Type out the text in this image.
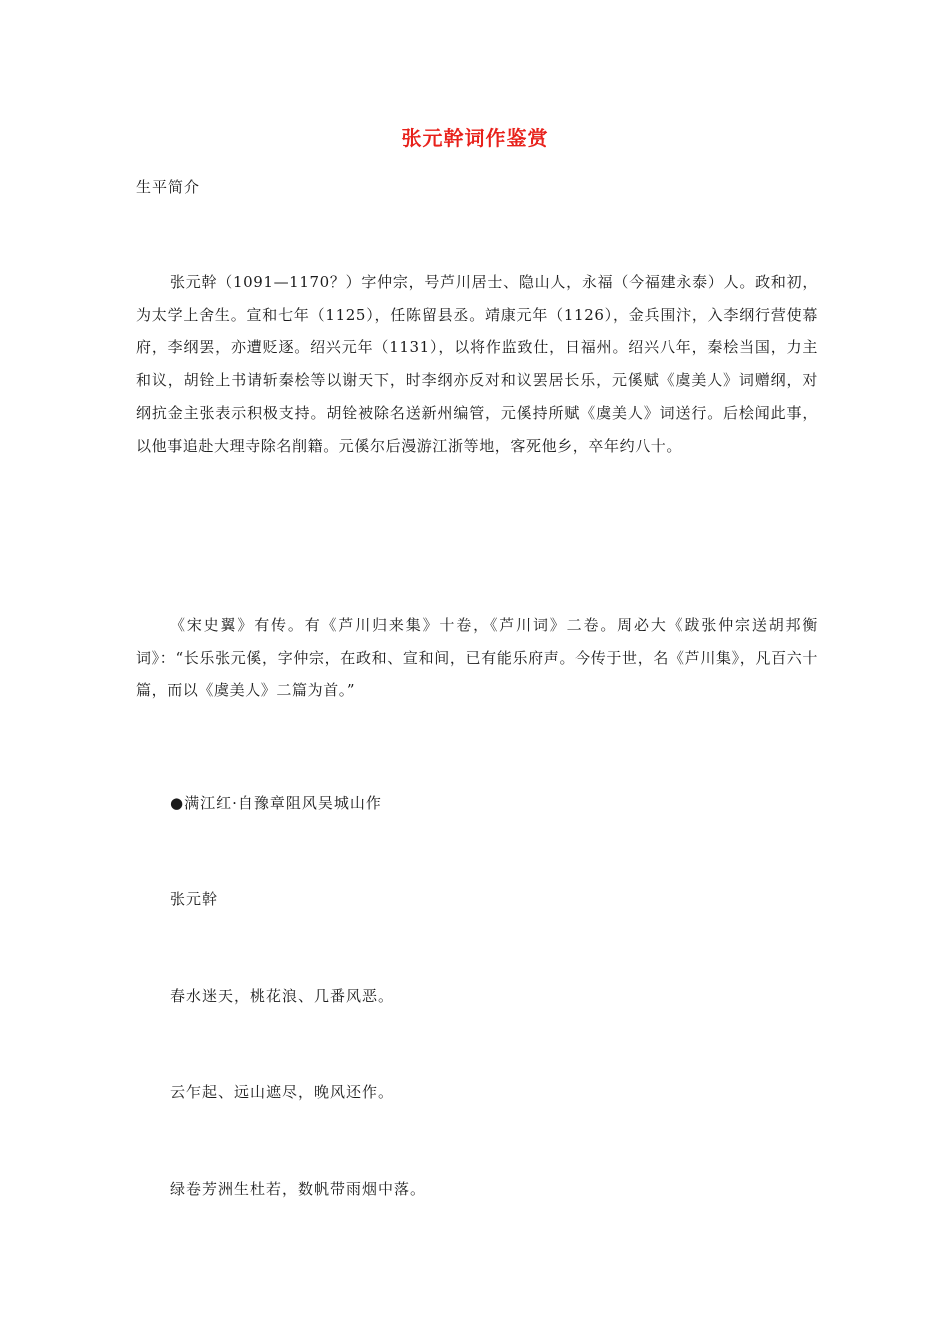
张元幹词作鉴赏
生平简介

张元幹（1091—1170？）字仲宗，号芦川居士、隐山人，永福（今福建永泰）人。政和初，为太学上舍生。宣和七年（1125），任陈留县丞。靖康元年（1126），金兵围汴，入李纲行营使幕府，李纲罢，亦遭贬逐。绍兴元年（1131），以将作监致仕，日福州。绍兴八年，秦桧当国，力主和议，胡铨上书请斩秦桧等以谢天下，时李纲亦反对和议罢居长乐，元傒赋《虞美人》词赠纲，对纲抗金主张表示积极支持。胡铨被除名送新州编管，元傒持所赋《虞美人》词送行。后桧闻此事，以他事追赴大理寺除名削籍。元傒尔后漫游江浙等地，客死他乡，卒年约八十。

《宋史翼》有传。有《芦川归来集》十卷，《芦川词》二卷。周必大《跋张仲宗送胡邦衡词》：“长乐张元傒，字仲宗，在政和、宣和间，已有能乐府声。今传于世，名《芦川集》，凡百六十篇，而以《虞美人》二篇为首。”

●满江红·自豫章阻风吴城山作
张元幹
春水迷天，桃花浪、几番风恶。
云乍起、远山遮尽，晚风还作。
绿卷芳洲生杜若，数帆带雨烟中落。
